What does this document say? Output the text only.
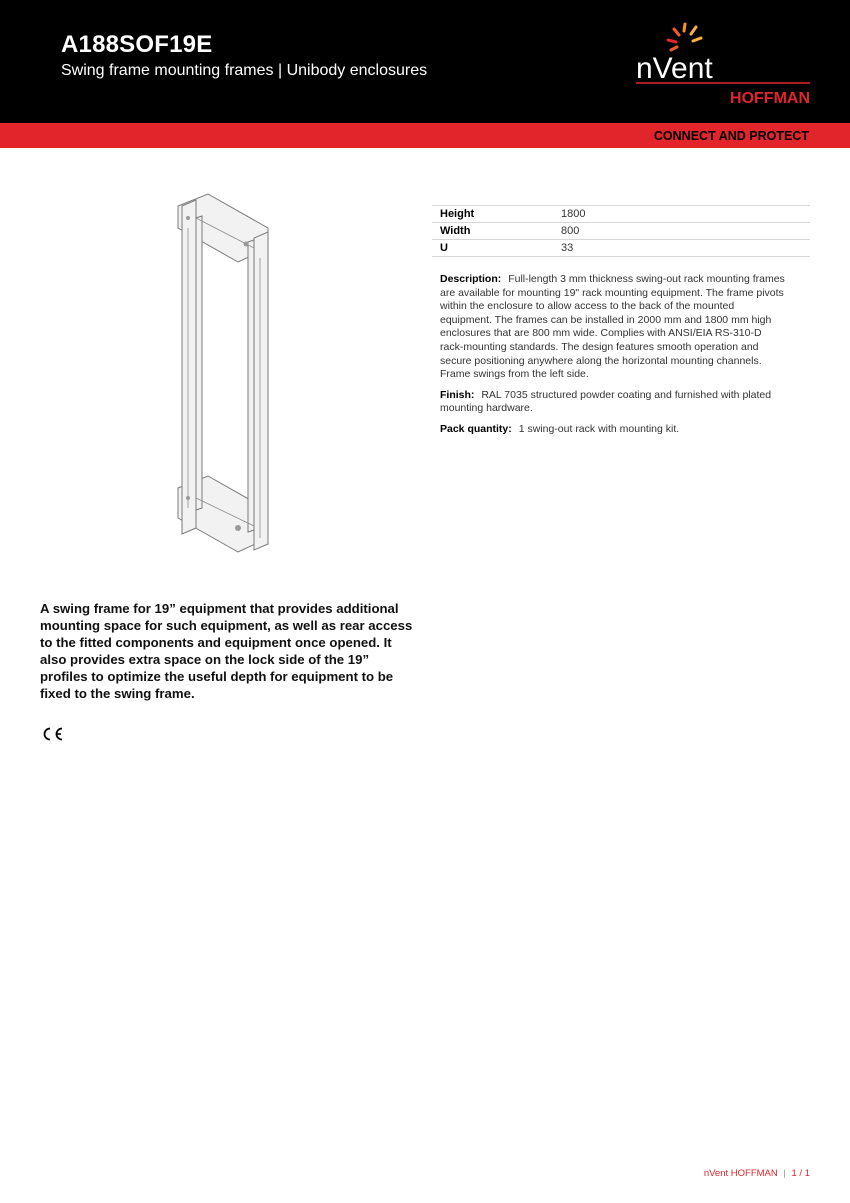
A188SOF19E
Swing frame mounting frames | Unibody enclosures	nVent
HOFFMAN
CONNECT AND PROTECT
Height	1800
Width	800
U	33

Description: Full-length 3 mm thickness swing-out rack mounting frames are available for mounting 19" rack mounting equipment. The frame pivots within the enclosure to allow access to the back of the mounted equipment. The frames can be installed in 2000 mm and 1800 mm high enclosures that are 800 mm wide. Complies with ANSI/EIA RS-310-D rack-mounting standards. The design features smooth operation and secure positioning anywhere along the horizontal mounting channels. Frame swings from the left side.

Finish: RAL 7035 structured powder coating and furnished with plated mounting hardware.

Pack quantity: 1 swing-out rack with mounting kit.

A swing frame for 19” equipment that provides additional mounting space for such equipment, as well as rear access to the fitted components and equipment once opened. It also provides extra space on the lock side of the 19” profiles to optimize the useful depth for equipment to be fixed to the swing frame.
nVent HOFFMAN | 1 / 1
